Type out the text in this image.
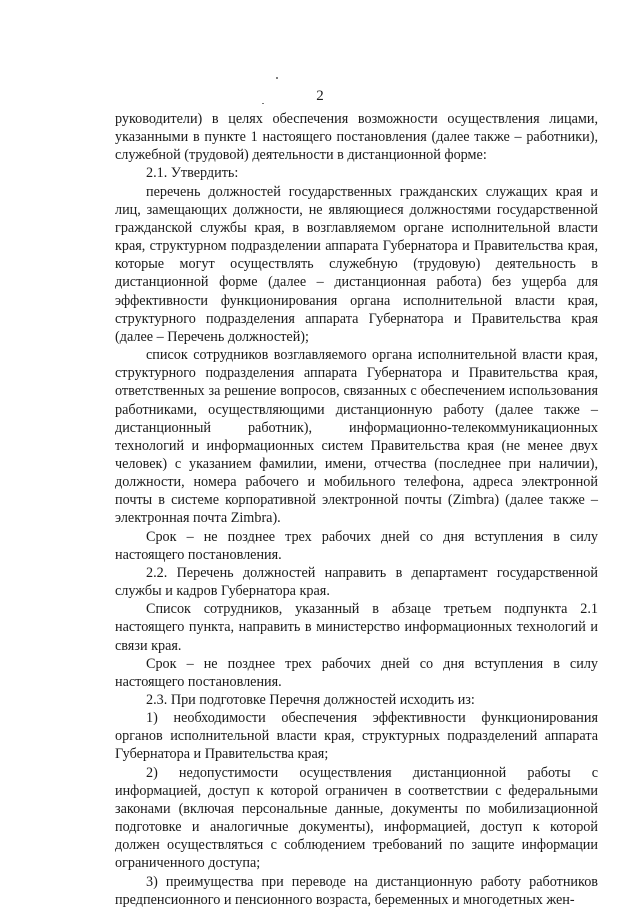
2

руководители) в целях обеспечения возможности осуществления лицами, указанными в пункте 1 настоящего постановления (далее также – работники), служебной (трудовой) деятельности в дистанционной форме:

2.1. Утвердить:

перечень должностей государственных гражданских служащих края и лиц, замещающих должности, не являющиеся должностями государственной гражданской службы края, в возглавляемом органе исполнительной власти края, структурном подразделении аппарата Губернатора и Правительства края, которые могут осуществлять служебную (трудовую) деятельность в дистанционной форме (далее – дистанционная работа) без ущерба для эффективности функционирования органа исполнительной власти края, структурного подразделения аппарата Губернатора и Правительства края (далее – Перечень должностей);

список сотрудников возглавляемого органа исполнительной власти края, структурного подразделения аппарата Губернатора и Правительства края, ответственных за решение вопросов, связанных с обеспечением использования работниками, осуществляющими дистанционную работу (далее также – дистанционный работник), информационно-телекоммуникационных технологий и информационных систем Правительства края (не менее двух человек) с указанием фамилии, имени, отчества (последнее при наличии), должности, номера рабочего и мобильного телефона, адреса электронной почты в системе корпоративной электронной почты (Zimbra) (далее также – электронная почта Zimbra).

Срок – не позднее трех рабочих дней со дня вступления в силу настоящего постановления.

2.2. Перечень должностей направить в департамент государственной службы и кадров Губернатора края.

Список сотрудников, указанный в абзаце третьем подпункта 2.1 настоящего пункта, направить в министерство информационных технологий и связи края.

Срок – не позднее трех рабочих дней со дня вступления в силу настоящего постановления.

2.3. При подготовке Перечня должностей исходить из:

1) необходимости обеспечения эффективности функционирования органов исполнительной власти края, структурных подразделений аппарата Губернатора и Правительства края;

2) недопустимости осуществления дистанционной работы с информацией, доступ к которой ограничен в соответствии с федеральными законами (включая персональные данные, документы по мобилизационной подготовке и аналогичные документы), информацией, доступ к которой должен осуществляться с соблюдением требований по защите информации ограниченного доступа;

3) преимущества при переводе на дистанционную работу работников предпенсионного и пенсионного возраста, беременных и многодетных жен-
